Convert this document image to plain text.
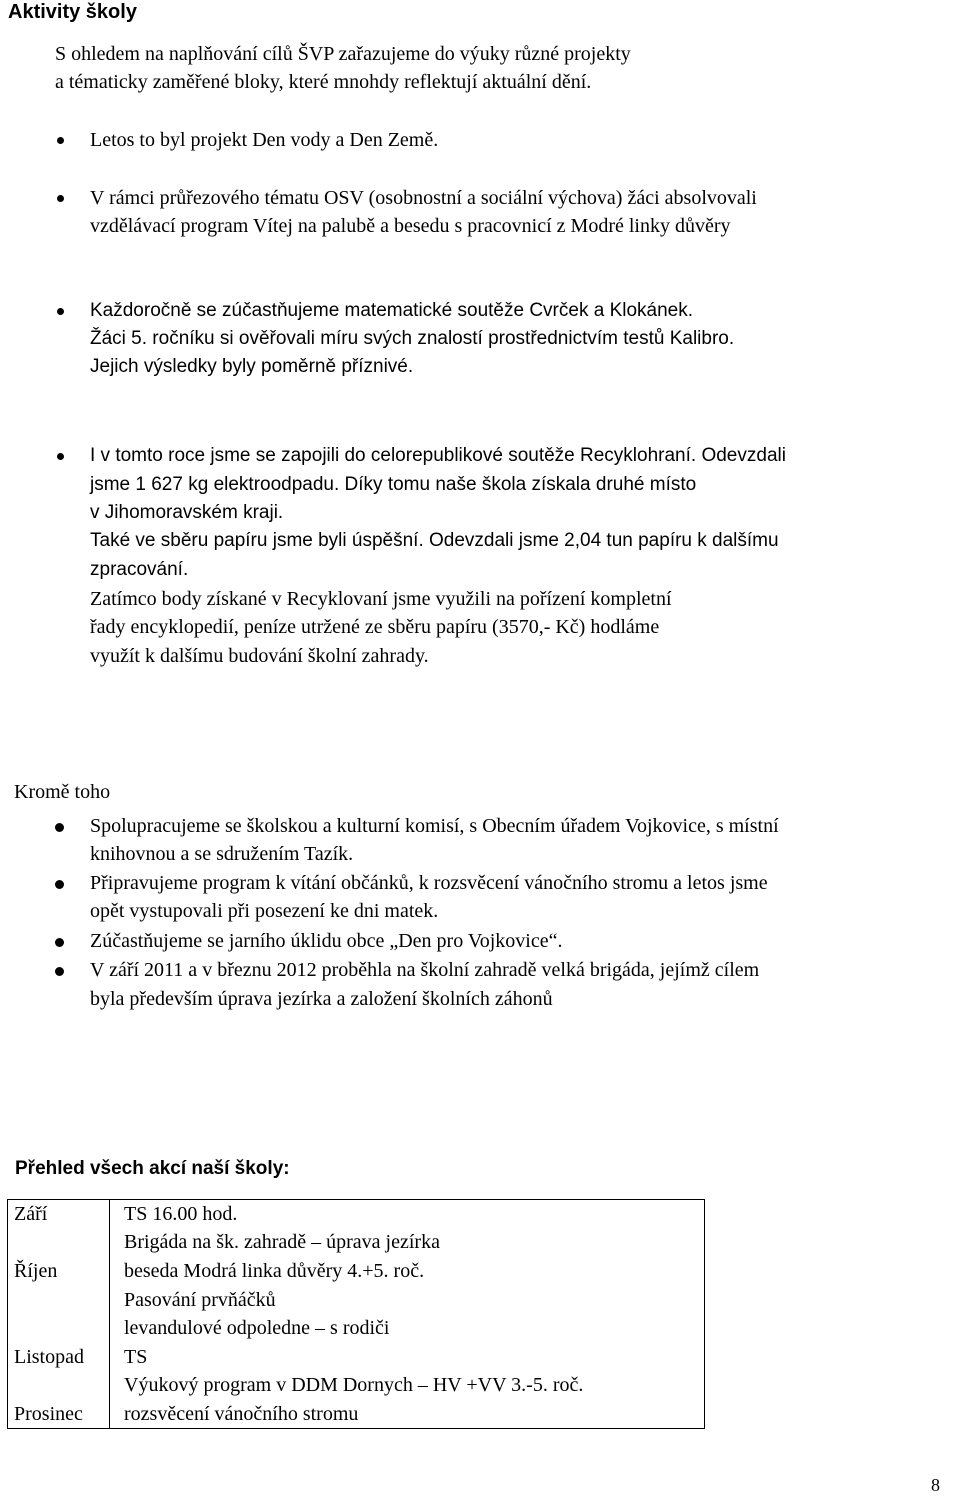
Aktivity školy
S ohledem na naplňování cílů ŠVP zařazujeme do výuky různé projekty
a tématicky zaměřené bloky, které mnohdy reflektují aktuální dění.
Letos to byl projekt Den vody a Den Země.
V rámci průřezového tématu OSV (osobnostní a sociální výchova) žáci absolvovali
vzdělávací program Vítej na palubě a besedu s pracovnicí z Modré linky důvěry
Každoročně se zúčastňujeme matematické soutěže Cvrček a Klokánek.
Žáci 5. ročníku si ověřovali míru svých znalostí prostřednictvím testů Kalibro.
Jejich výsledky byly poměrně příznivé.
I v tomto roce jsme se zapojili do celorepublikové soutěže Recyklohraní. Odevzdali
jsme 1 627 kg elektroodpadu. Díky tomu naše škola získala druhé místo
v Jihomoravském kraji.
Také ve sběru papíru jsme byli úspěšní. Odevzdali jsme 2,04 tun papíru k dalšímu
zpracování.
Zatímco body získané v Recyklovaní jsme využili na pořízení kompletní
řady encyklopedií, peníze utržené ze sběru papíru (3570,- Kč) hodláme
využít k dalšímu budování školní zahrady.
Kromě toho
Spolupracujeme se školskou a kulturní komisí, s Obecním úřadem Vojkovice, s místní
knihovnou a se sdružením Tazík.
Připravujeme program k vítání občánků, k rozsvěcení vánočního stromu a letos jsme
opět vystupovali při posezení ke dni matek.
Zúčastňujeme se jarního úklidu obce „Den pro Vojkovice“.
V září 2011 a v březnu 2012 proběhla na školní zahradě velká brigáda, jejímž cílem
byla především úprava jezírka a založení školních záhonů
Přehled všech akcí naší školy:
Září	TS 16.00 hod.
Brigáda na šk. zahradě – úprava jezírka
Říjen	beseda Modrá linka důvěry 4.+5. roč.
Pasování prvňáčků
levandulové odpoledne – s rodiči
Listopad TS
Výukový program v DDM Dornych – HV +VV 3.-5. roč.
Prosinec rozsvěcení vánočního stromu
8
